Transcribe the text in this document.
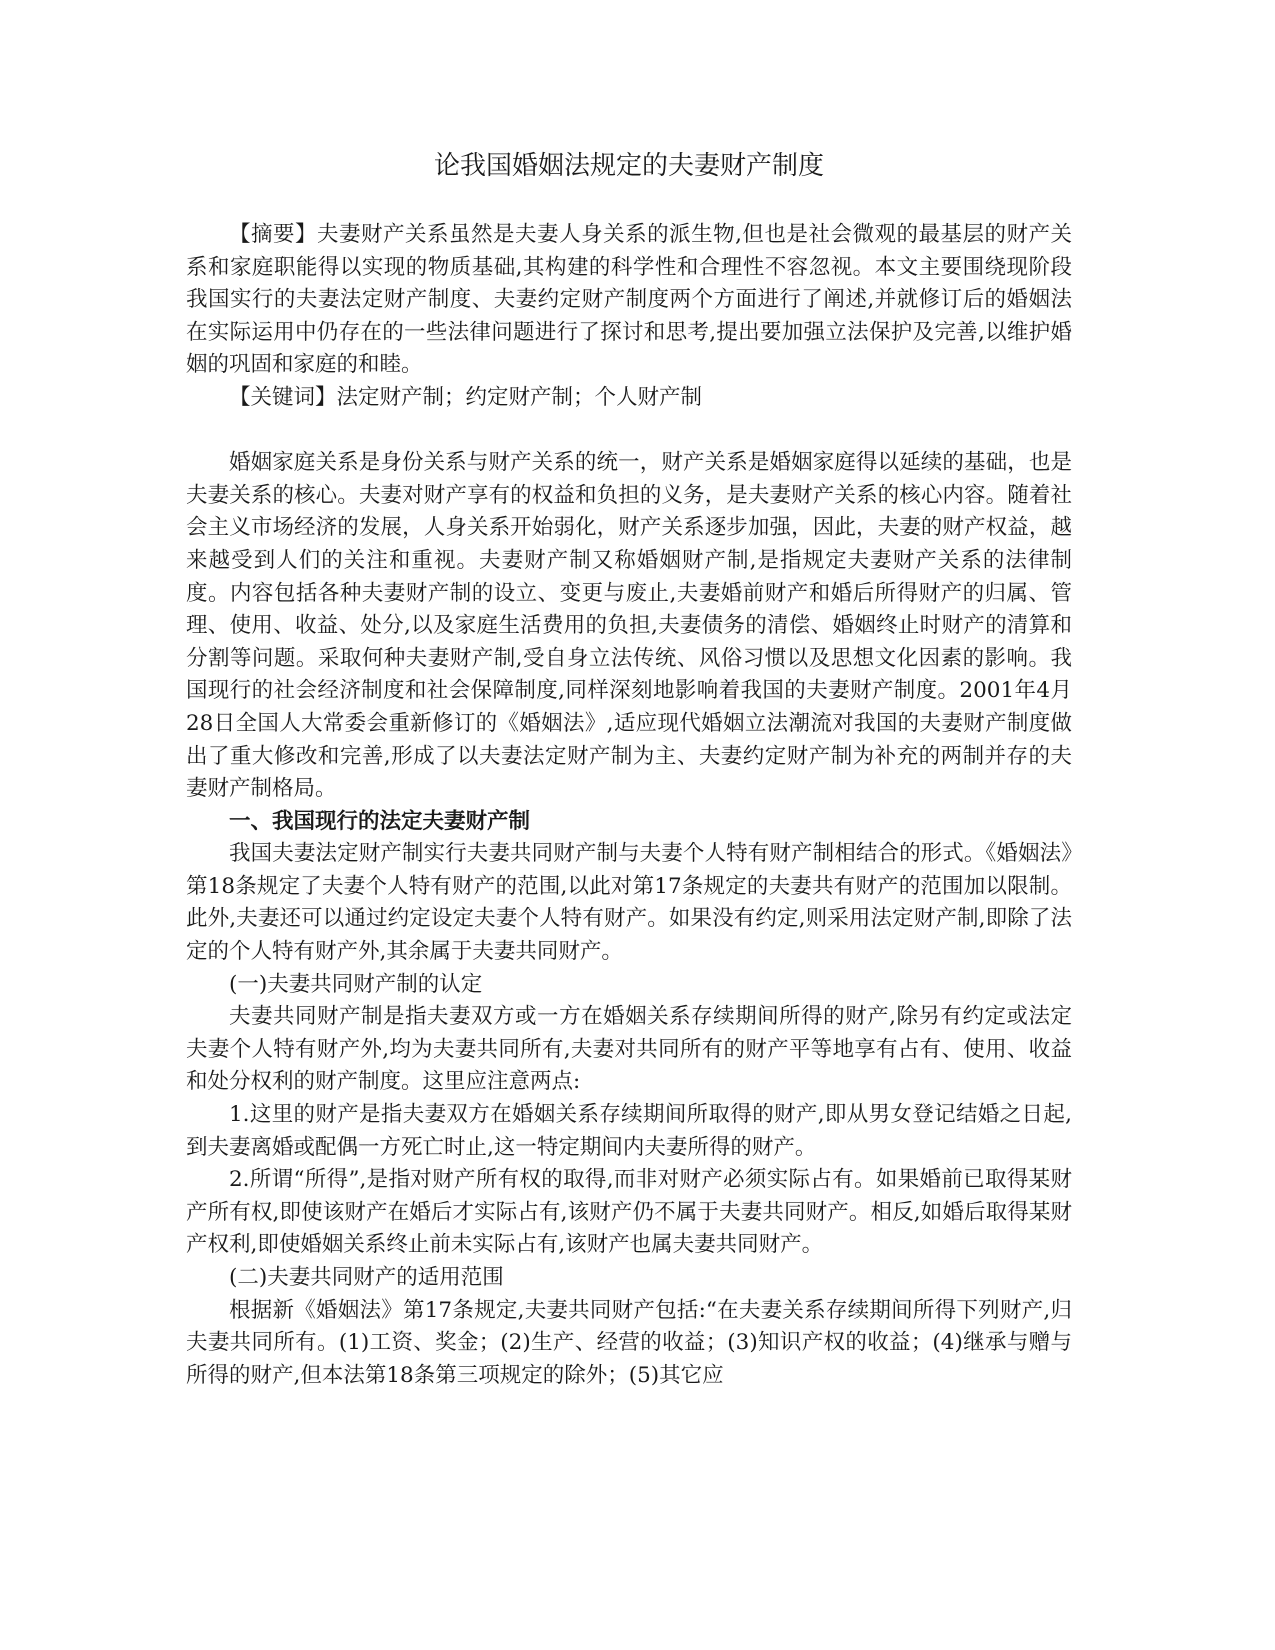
论我国婚姻法规定的夫妻财产制度

【摘要】夫妻财产关系虽然是夫妻人身关系的派生物,但也是社会微观的最基层的财产关系和家庭职能得以实现的物质基础,其构建的科学性和合理性不容忽视。本文主要围绕现阶段我国实行的夫妻法定财产制度、夫妻约定财产制度两个方面进行了阐述,并就修订后的婚姻法在实际运用中仍存在的一些法律问题进行了探讨和思考,提出要加强立法保护及完善,以维护婚姻的巩固和家庭的和睦。

【关键词】法定财产制；约定财产制；个人财产制

婚姻家庭关系是身份关系与财产关系的统一，财产关系是婚姻家庭得以延续的基础，也是夫妻关系的核心。夫妻对财产享有的权益和负担的义务，是夫妻财产关系的核心内容。随着社会主义市场经济的发展，人身关系开始弱化，财产关系逐步加强，因此，夫妻的财产权益，越来越受到人们的关注和重视。夫妻财产制又称婚姻财产制,是指规定夫妻财产关系的法律制度。内容包括各种夫妻财产制的设立、变更与废止,夫妻婚前财产和婚后所得财产的归属、管理、使用、收益、处分,以及家庭生活费用的负担,夫妻债务的清偿、婚姻终止时财产的清算和分割等问题。采取何种夫妻财产制,受自身立法传统、风俗习惯以及思想文化因素的影响。我国现行的社会经济制度和社会保障制度,同样深刻地影响着我国的夫妻财产制度。2001年4月28日全国人大常委会重新修订的《婚姻法》,适应现代婚姻立法潮流对我国的夫妻财产制度做出了重大修改和完善,形成了以夫妻法定财产制为主、夫妻约定财产制为补充的两制并存的夫妻财产制格局。

一、我国现行的法定夫妻财产制

我国夫妻法定财产制实行夫妻共同财产制与夫妻个人特有财产制相结合的形式。《婚姻法》第18条规定了夫妻个人特有财产的范围,以此对第17条规定的夫妻共有财产的范围加以限制。此外,夫妻还可以通过约定设定夫妻个人特有财产。如果没有约定,则采用法定财产制,即除了法定的个人特有财产外,其余属于夫妻共同财产。

(一)夫妻共同财产制的认定

夫妻共同财产制是指夫妻双方或一方在婚姻关系存续期间所得的财产,除另有约定或法定夫妻个人特有财产外,均为夫妻共同所有,夫妻对共同所有的财产平等地享有占有、使用、收益和处分权利的财产制度。这里应注意两点:

1.这里的财产是指夫妻双方在婚姻关系存续期间所取得的财产,即从男女登记结婚之日起,到夫妻离婚或配偶一方死亡时止,这一特定期间内夫妻所得的财产。

2.所谓“所得”,是指对财产所有权的取得,而非对财产必须实际占有。如果婚前已取得某财产所有权,即使该财产在婚后才实际占有,该财产仍不属于夫妻共同财产。相反,如婚后取得某财产权利,即使婚姻关系终止前未实际占有,该财产也属夫妻共同财产。

(二)夫妻共同财产的适用范围

根据新《婚姻法》第17条规定,夫妻共同财产包括:“在夫妻关系存续期间所得下列财产,归夫妻共同所有。(1)工资、奖金；(2)生产、经营的收益；(3)知识产权的收益；(4)继承与赠与所得的财产,但本法第18条第三项规定的除外；(5)其它应
